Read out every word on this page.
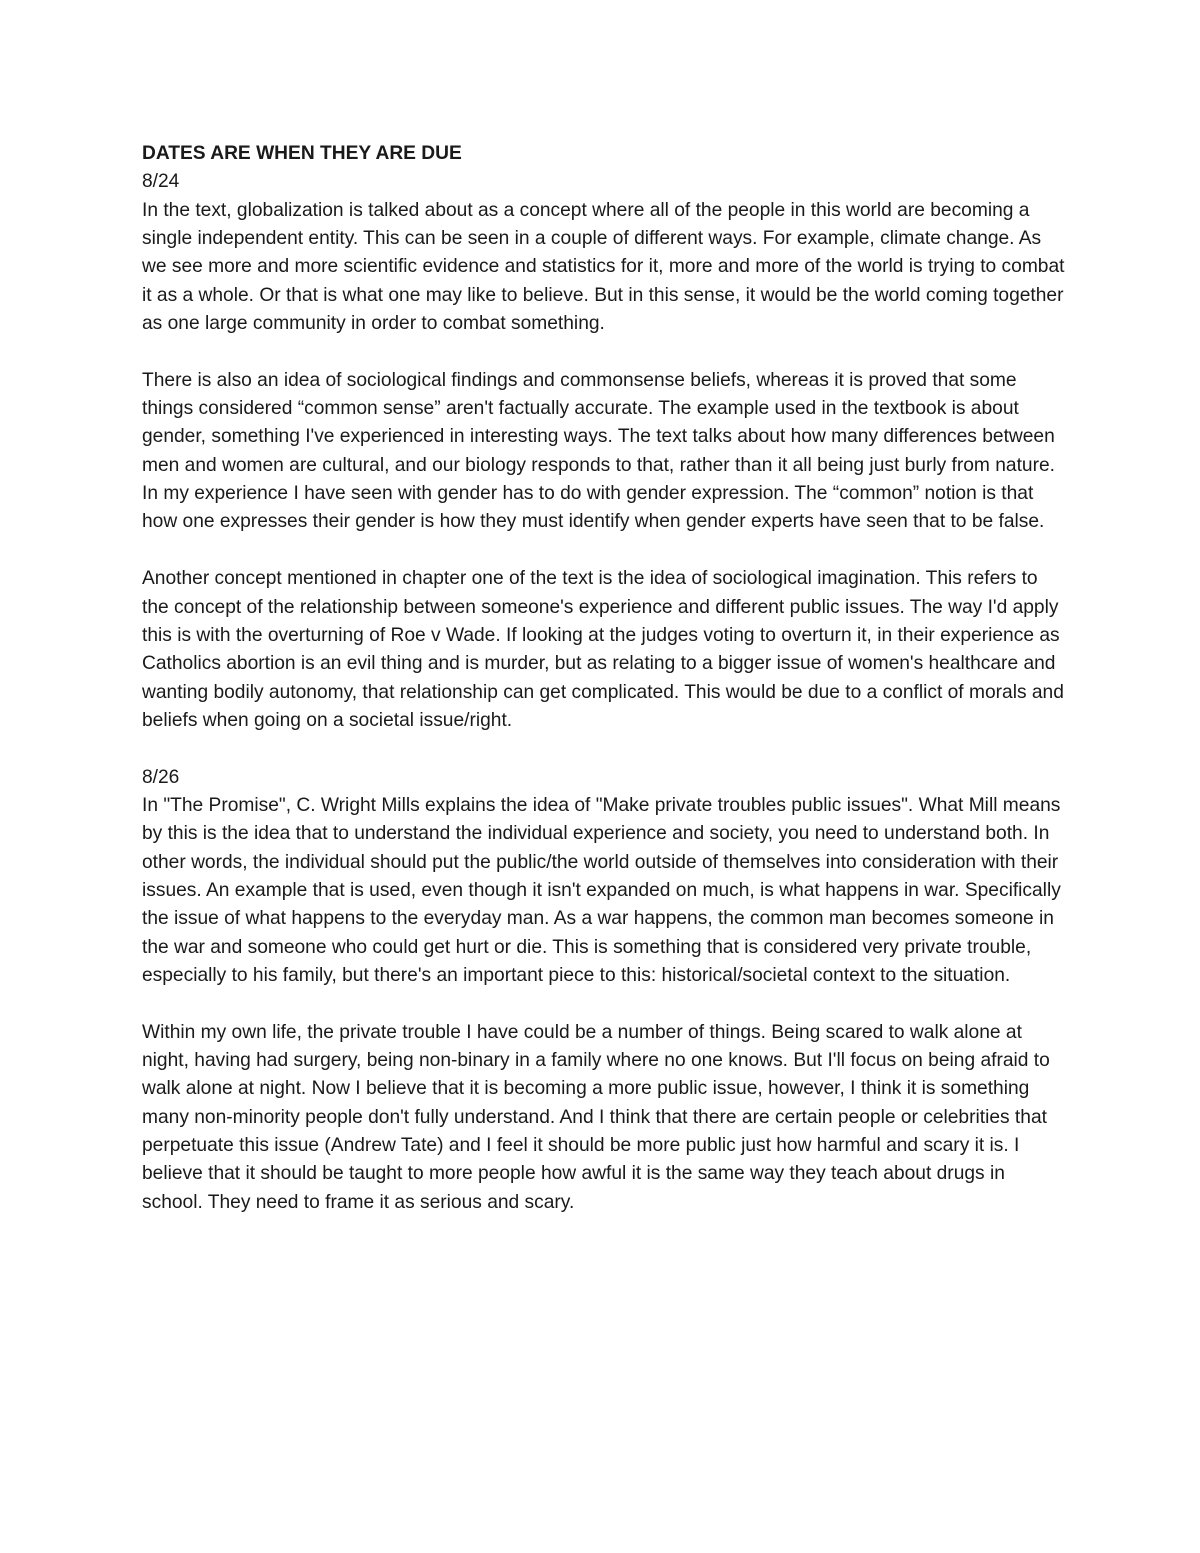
DATES ARE WHEN THEY ARE DUE

8/24

In the text, globalization is talked about as a concept where all of the people in this world are becoming a single independent entity. This can be seen in a couple of different ways. For example, climate change. As we see more and more scientific evidence and statistics for it, more and more of the world is trying to combat it as a whole. Or that is what one may like to believe. But in this sense, it would be the world coming together as one large community in order to combat something.

There is also an idea of sociological findings and commonsense beliefs, whereas it is proved that some things considered “common sense” aren't factually accurate. The example used in the textbook is about gender, something I've experienced in interesting ways. The text talks about how many differences between men and women are cultural, and our biology responds to that, rather than it all being just burly from nature. In my experience I have seen with gender has to do with gender expression. The “common” notion is that how one expresses their gender is how they must identify when gender experts have seen that to be false.

Another concept mentioned in chapter one of the text is the idea of sociological imagination. This refers to the concept of the relationship between someone's experience and different public issues. The way I'd apply this is with the overturning of Roe v Wade. If looking at the judges voting to overturn it, in their experience as Catholics abortion is an evil thing and is murder, but as relating to a bigger issue of women's healthcare and wanting bodily autonomy, that relationship can get complicated. This would be due to a conflict of morals and beliefs when going on a societal issue/right.

8/26

In "The Promise", C. Wright Mills explains the idea of "Make private troubles public issues". What Mill means by this is the idea that to understand the individual experience and society, you need to understand both. In other words, the individual should put the public/the world outside of themselves into consideration with their issues. An example that is used, even though it isn't expanded on much, is what happens in war. Specifically the issue of what happens to the everyday man. As a war happens, the common man becomes someone in the war and someone who could get hurt or die. This is something that is considered very private trouble, especially to his family, but there's an important piece to this: historical/societal context to the situation.

Within my own life, the private trouble I have could be a number of things. Being scared to walk alone at night, having had surgery, being non-binary in a family where no one knows. But I'll focus on being afraid to walk alone at night. Now I believe that it is becoming a more public issue, however, I think it is something many non-minority people don't fully understand. And I think that there are certain people or celebrities that perpetuate this issue (Andrew Tate) and I feel it should be more public just how harmful and scary it is. I believe that it should be taught to more people how awful it is the same way they teach about drugs in school. They need to frame it as serious and scary.
